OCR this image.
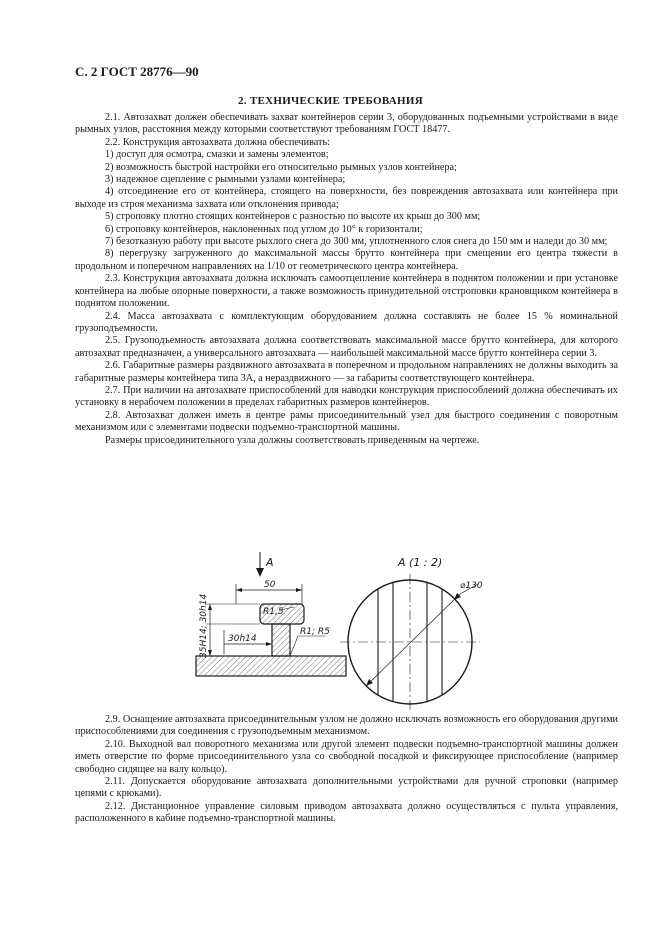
С. 2 ГОСТ 28776—90
2. ТЕХНИЧЕСКИЕ ТРЕБОВАНИЯ

2.1. Автозахват должен обеспечивать захват контейнеров серии 3, оборудованных подъемными устройствами в виде рымных узлов, расстояния между которыми соответствуют требованиям ГОСТ 18477.

2.2. Конструкция автозахвата должна обеспечивать:

1) доступ для осмотра, смазки и замены элементов;

2) возможность быстрой настройки его относительно рымных узлов контейнера;

3) надежное сцепление с рымными узлами контейнера;

4) отсоединение его от контейнера, стоящего на поверхности, без повреждения автозахвата или контейнера при выходе из строя механизма захвата или отклонения привода;

5) строповку плотно стоящих контейнеров с разностью по высоте их крыш до 300 мм;

6) строповку контейнеров, наклоненных под углом до 10° к горизонтали;

7) безотказную работу при высоте рыхлого снега до 300 мм, уплотненного слоя снега до 150 мм и наледи до 30 мм;

8) перегрузку загруженного до максимальной массы брутто контейнера при смещении его центра тяжести в продольном и поперечном направлениях на 1/10 от геометрического центра контейнера.

2.3. Конструкция автозахвата должна исключать самоотцепление контейнера в поднятом положении и при установке контейнера на любые опорные поверхности, а также возможность принудительной отстроповки крановщиком контейнера в поднятом положении.

2.4. Масса автозахвата с комплектующим оборудованием должна составлять не более 15 % номинальной грузоподъемности.

2.5. Грузоподъемность автозахвата должна соответствовать максимальной массе брутто контейнера, для которого автозахват предназначен, а универсального автозахвата — наибольшей максимальной массе брутто контейнера серии 3.

2.6. Габаритные размеры раздвижного автозахвата в поперечном и продольном направлениях не должны выходить за габаритные размеры контейнера типа 3А, а нераздвижного — за габариты соответствующего контейнера.

2.7. При наличии на автозахвате приспособлений для наводки конструкция приспособлений должна обеспечивать их установку в нерабочем положении в пределах габаритных размеров контейнеров.

2.8. Автозахват должен иметь в центре рамы присоединительный узел для быстрого соединения с поворотным механизмом или с элементами подвески подъемно-транспортной машины.

Размеры присоединительного узла должны соответствовать приведенным на чертеже.

А
50
R1,5
30h14
R1; R5
35H14; 30h14
А (1 : 2)
⌀130

2.9. Оснащение автозахвата присоединительным узлом не должно исключать возможность его оборудования другими приспособлениями для соединения с грузоподъемным механизмом.

2.10. Выходной вал поворотного механизма или другой элемент подвески подъемно-транспортной машины должен иметь отверстие по форме присоединительного узла со свободной посадкой и фиксирующее приспособление (например свободно сидящее на валу кольцо).

2.11. Допускается оборудование автозахвата дополнительными устройствами для ручной строповки (например цепями с крюками).

2.12. Дистанционное управление силовым приводом автозахвата должно осуществляться с пульта управления, расположенного в кабине подъемно-транспортной машины.
